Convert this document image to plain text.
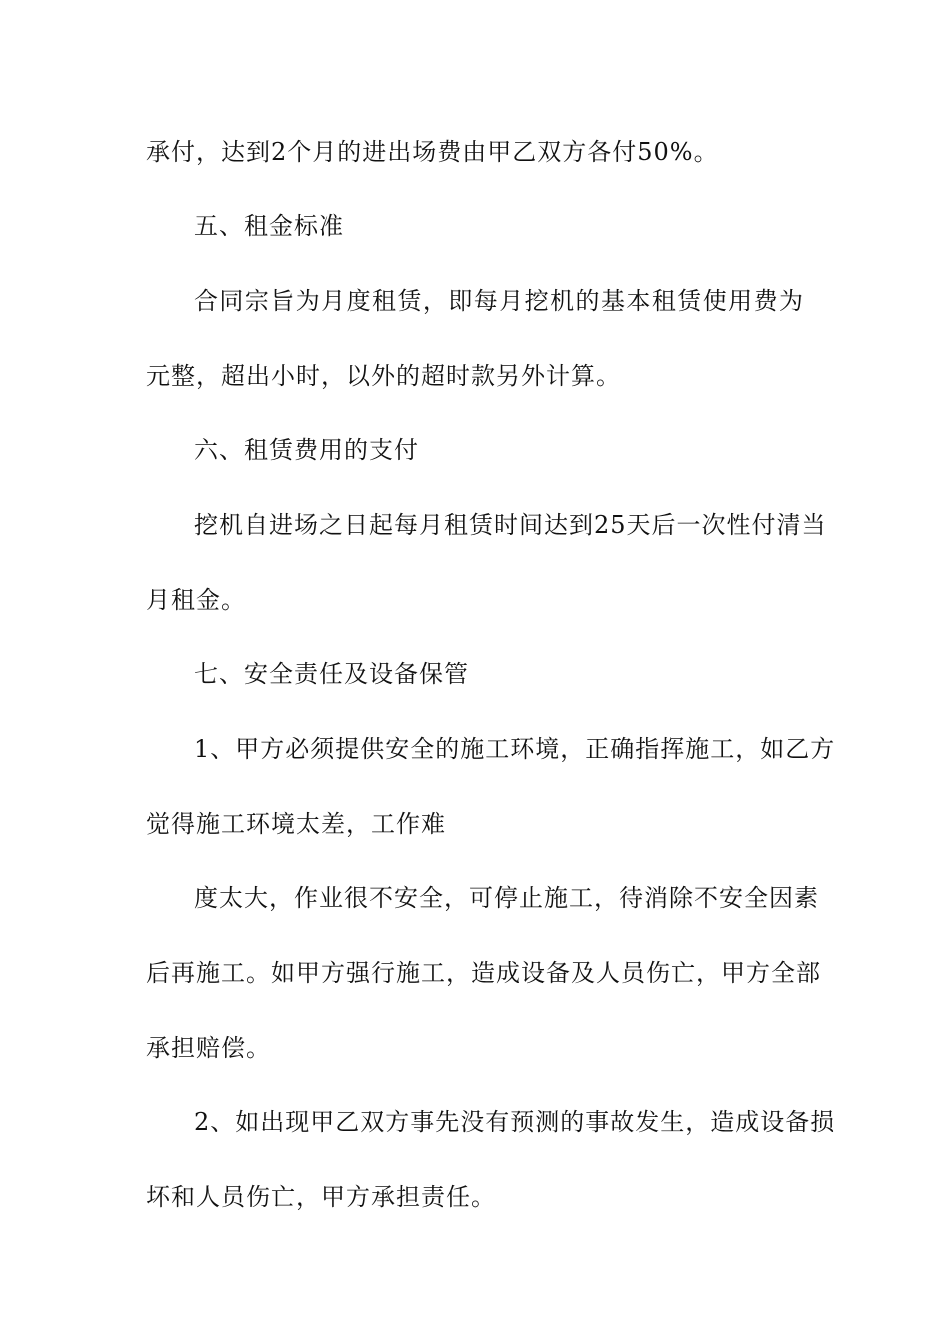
承付，达到2个月的进出场费由甲乙双方各付50%。
五、租金标准
合同宗旨为月度租赁，即每月挖机的基本租赁使用费为
元整，超出小时，以外的超时款另外计算。
六、租赁费用的支付
挖机自进场之日起每月租赁时间达到25天后一次性付清当
月租金。
七、安全责任及设备保管
1、甲方必须提供安全的施工环境，正确指挥施工，如乙方
觉得施工环境太差，工作难
度太大，作业很不安全，可停止施工，待消除不安全因素
后再施工。如甲方强行施工，造成设备及人员伤亡，甲方全部
承担赔偿。
2、如出现甲乙双方事先没有预测的事故发生，造成设备损
坏和人员伤亡，甲方承担责任。
